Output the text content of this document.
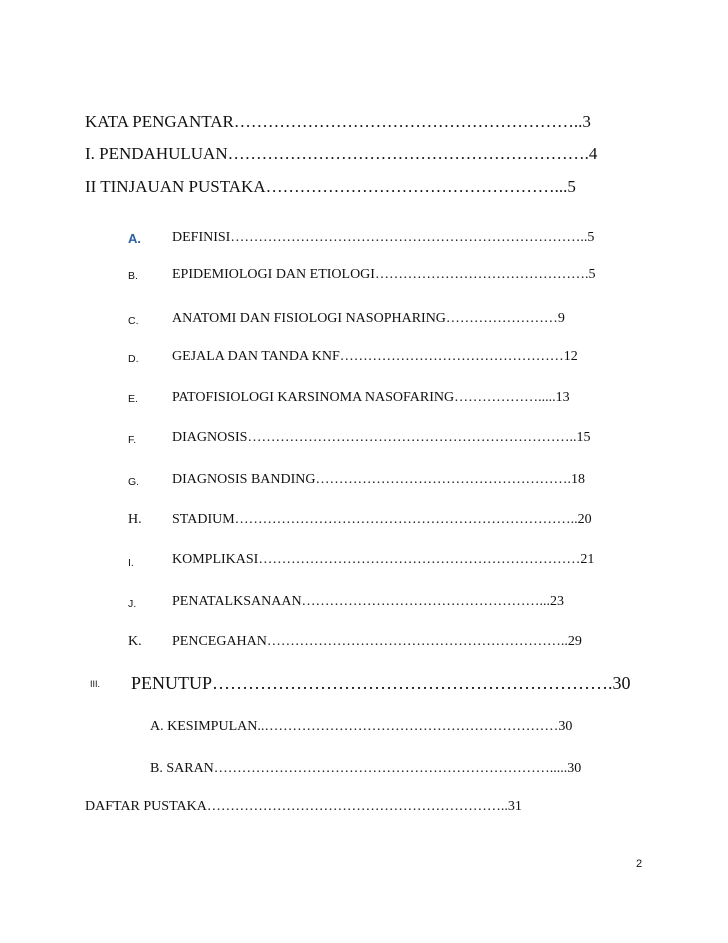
KATA PENGANTAR……………………………………………………..3
I. PENDAHULUAN……………………………………………………….4
II TINJAUAN PUSTAKA……………………………………………...5
A. DEFINISI…………………………………………………………………..5
B. EPIDEMIOLOGI DAN ETIOLOGI……………………………………….5
C. ANATOMI DAN FISIOLOGI NASOPHARING……………………9
D. GEJALA DAN TANDA KNF…………………………………………12
E. PATOFISIOLOGI KARSINOMA NASOFARING……………….....13
F.	DIAGNOSIS……………………………………………………………..15
G. DIAGNOSIS BANDING……………………………………………….18
H. STADIUM………………………………………………………………..20
I.	KOMPLIKASI……………………………………………………………21
J.	PENATALKSANAAN……………………………………………...23
K. PENCEGAHAN………………………………………………………..29
III. PENUTUP………………………………………………………….30
A. KESIMPULAN..………………………………………………………30
B. SARAN……………………………………………………………….....30
DAFTAR PUSTAKA………………………………………………………..31
2
